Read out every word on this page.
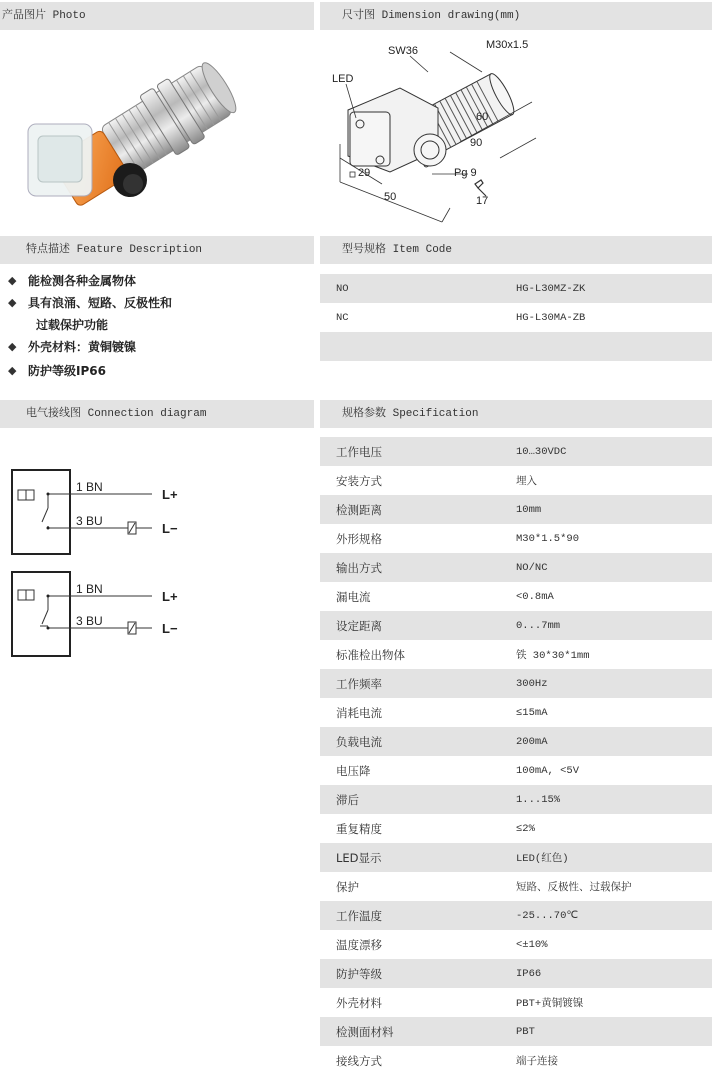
产品图片 Photo	尺寸图 Dimension drawing(mm)
特点描述 Feature Description	型号规格 Item Code
电气接线图 Connection diagram	规格参数 Specification
LED
SW36	M30x1.5
60
90
29
50
Pg 9
17
◆ 能检测各种金属物体
◆ 具有浪涌、短路、反极性和
过载保护功能
◆ 外壳材料：黄铜镀镍
◆ 防护等级IP66
NO	HG-L30MZ-ZK
NC	HG-L30MA-ZB
1 BN
3 BU
1 BN
3 BU
L+
L−
L+
L−
工作电压	10…30VDC
安装方式	埋入
检测距离	10mm
外形规格	M30*1.5*90
输出方式	NO/NC
漏电流	<0.8mA
设定距离	0...7mm
标准检出物体	铁 30*30*1mm
工作频率	300Hz
消耗电流	≤15mA
负载电流	200mA
电压降	100mA, <5V
滞后	1...15%
重复精度	≤2%
LED显示	LED(红色)
保护	短路、反极性、过载保护
工作温度	-25...70℃
温度漂移	<±10%
防护等级	IP66
外壳材料	PBT+黄铜镀镍
检测面材料	PBT
接线方式	端子连接
